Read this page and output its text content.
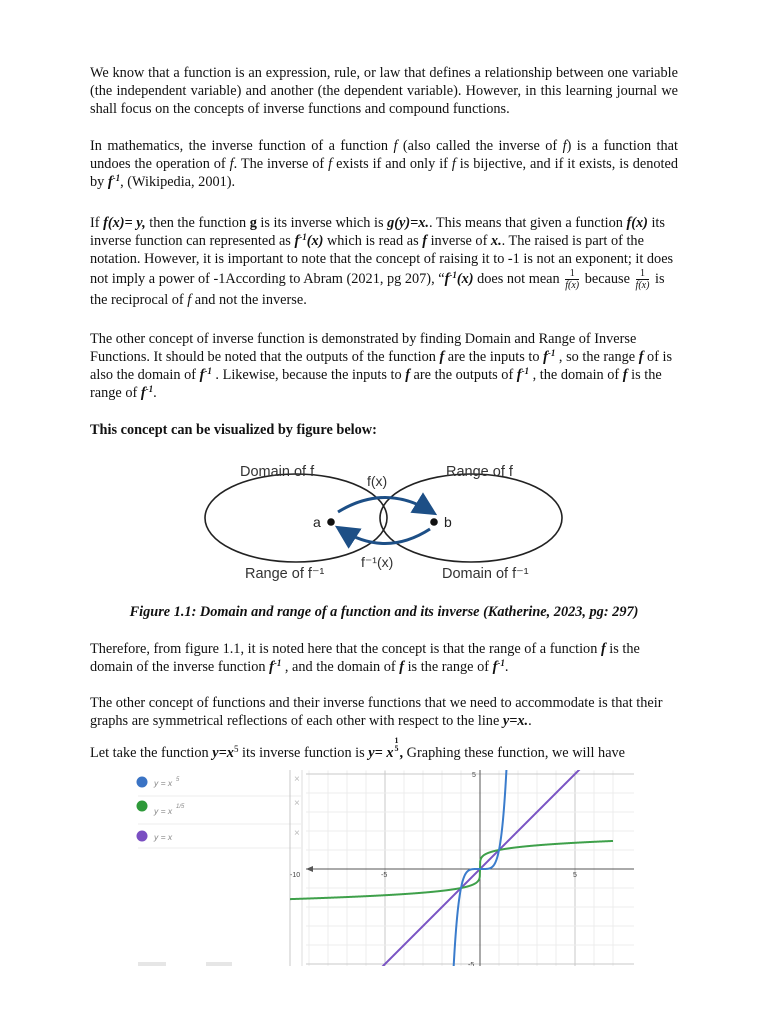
We know that a function is an expression, rule, or law that defines a relationship between one variable (the independent variable) and another (the dependent variable). However, in this learning journal we shall focus on the concepts of inverse functions and compound functions.

In mathematics, the inverse function of a function f (also called the inverse of f) is a function that undoes the operation of f. The inverse of f exists if and only if f is bijective, and if it exists, is denoted by $f^{-1}$, (Wikipedia, 2001).

If f(x)= y, then the function g is its inverse which is g(y)=x.. This means that given a function f(x) its inverse function can represented as $f^{-1}(x)$ which is read as f inverse of x.. The raised is part of the notation. However, it is important to note that the concept of raising it to -1 is not an exponent; it does not imply a power of -1According to Abram (2021, pg 207), “$f^{-1}(x)$ does not mean $\frac{1}{f(x)}$ because $\frac{1}{f(x)}$ is the reciprocal of f and not the inverse.

The other concept of inverse function is demonstrated by finding Domain and Range of Inverse Functions. It should be noted that the outputs of the function f are the inputs to $f^{-1}$ , so the range f of is also the domain of $f^{-1}$ . Likewise, because the inputs to f are the outputs of $f^{-1}$ , the domain of f is the range of $f^{-1}$.

This concept can be visualized by figure below:

a	b
Domain of f	Range of f
f(x)
f⁻¹(x)
Range of f⁻¹	Domain of f⁻¹

Figure 1.1: Domain and range of a function and its inverse (Katherine, 2023, pg: 297)

Therefore, from figure 1.1, it is noted here that the concept is that the range of a function f is the domain of the inverse function $f^{-1}$ , and the domain of f is the range of $f^{-1}$.

The other concept of functions and their inverse functions that we need to accommodate is that their graphs are symmetrical reflections of each other with respect to the line y=x..

Let take the function $y=x^5$ its inverse function is y= x
1
5 , Graphing these function, we will have

y = x 5	×
y = x 1/5	×
y = x	×
-10	-5	5
5
-5
